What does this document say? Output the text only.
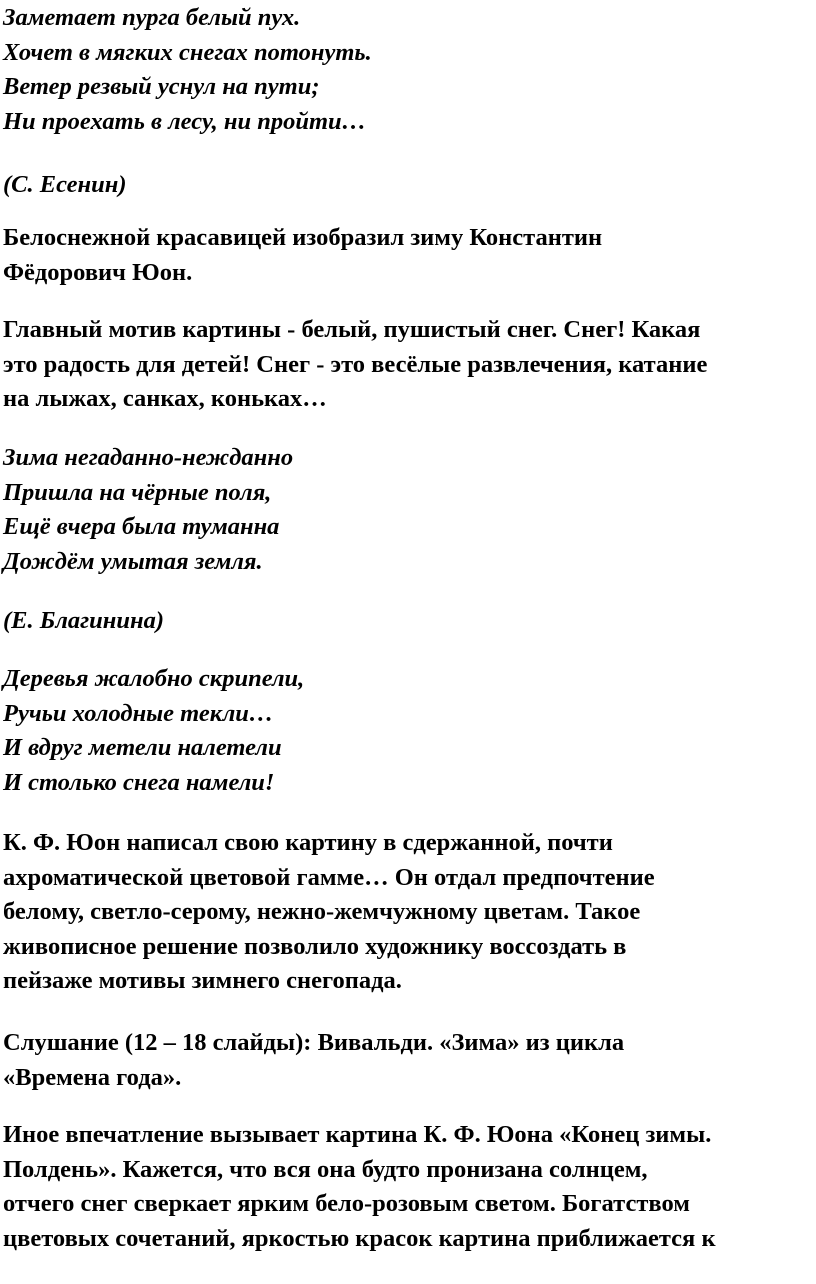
Заметает пурга белый пух.
Хочет в мягких снегах потонуть.
Ветер резвый уснул на пути;
Ни проехать в лесу, ни пройти…
(С. Есенин)
Белоснежной красавицей изобразил зиму Константин
Фёдорович Юон.
Главный мотив картины - белый, пушистый снег. Снег! Какая
это радость для детей! Снег - это весёлые развлечения, катание
на лыжах, санках, коньках…
Зима негаданно-нежданно
Пришла на чёрные поля,
Ещё вчера была туманна
Дождём умытая земля.
(Е. Благинина)
Деревья жалобно скрипели,
Ручьи холодные текли…
И вдруг метели налетели
И столько снега намели!
К. Ф. Юон написал свою картину в сдержанной, почти
ахроматической цветовой гамме… Он отдал предпочтение
белому, светло-серому, нежно-жемчужному цветам. Такое
живописное решение позволило художнику воссоздать в
пейзаже мотивы зимнего снегопада.
Слушание (12 – 18 слайды): Вивальди. «Зима» из цикла
«Времена года».
Иное впечатление вызывает картина К. Ф. Юона «Конец зимы.
Полдень». Кажется, что вся она будто пронизана солнцем,
отчего снег сверкает ярким бело-розовым светом. Богатством
цветовых сочетаний, яркостью красок картина приближается к
